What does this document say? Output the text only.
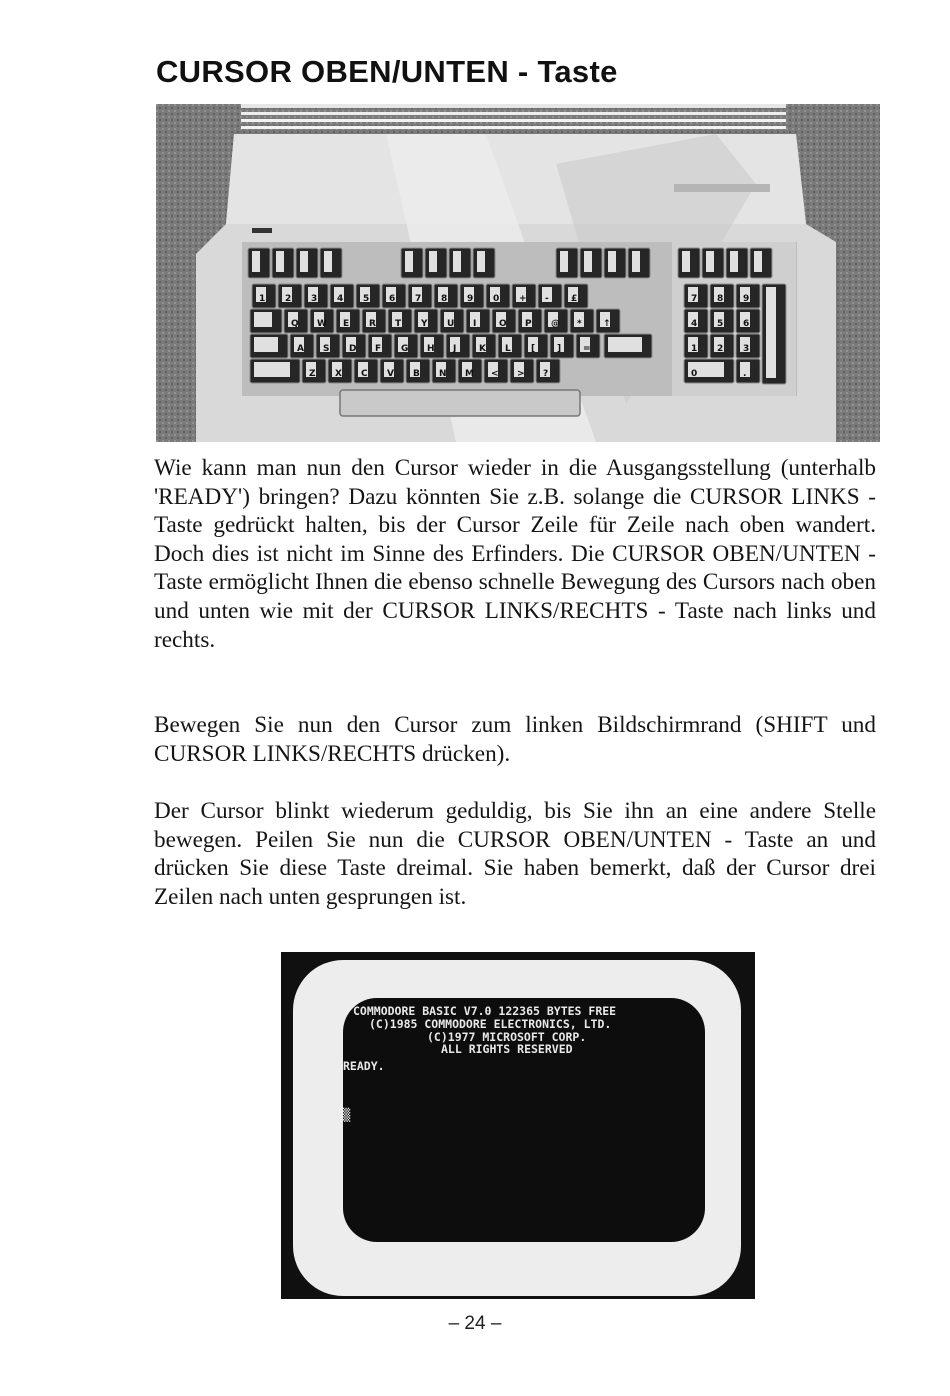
CURSOR OBEN/UNTEN - Taste
1 2 3 4 5 6 7 8 9 0 + - £
Q W E R T Y U I	O P @ * ↑
A S D F G H J	K L [ ] =
Z X C V B N M < > ?
7 8 9
4 5 6
1 2 3
0	.

Wie kann man nun den Cursor wieder in die Ausgangsstellung (unterhalb 'READY') bringen? Dazu könnten Sie z.B. solange die CURSOR LINKS - Taste gedrückt halten, bis der Cursor Zeile für Zeile nach oben wandert. Doch dies ist nicht im Sinne des Erfinders. Die CURSOR OBEN/UNTEN - Taste ermöglicht Ihnen die ebenso schnelle Bewegung des Cursors nach oben und unten wie mit der CURSOR LINKS/RECHTS - Taste nach links und rechts.

Bewegen Sie nun den Cursor zum linken Bildschirmrand (SHIFT und CURSOR LINKS/RECHTS drücken).

Der Cursor blinkt wiederum geduldig, bis Sie ihn an eine andere Stelle bewegen. Peilen Sie nun die CURSOR OBEN/UNTEN - Taste an und drücken Sie diese Taste dreimal. Sie haben bemerkt, daß der Cursor drei Zeilen nach unten gesprungen ist.

COMMODORE BASIC V7.0 122365 BYTES FREE
(C)1985 COMMODORE ELECTRONICS, LTD.
(C)1977 MICROSOFT CORP.
ALL RIGHTS RESERVED
READY.
▒
– 24 –
